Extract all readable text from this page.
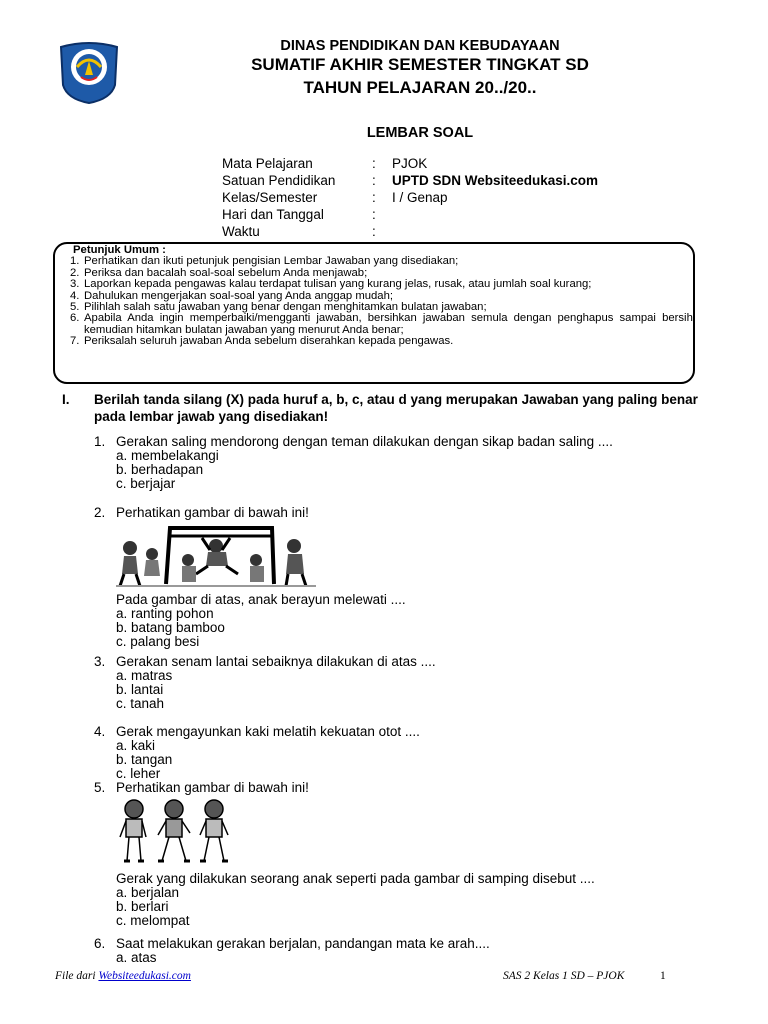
DINAS PENDIDIKAN DAN KEBUDAYAAN
SUMATIF AKHIR SEMESTER TINGKAT SD
TAHUN PELAJARAN 20../20..
LEMBAR SOAL
Mata Pelajaran	:	PJOK
Satuan Pendidikan	:	UPTD SDN Websiteedukasi.com
Kelas/Semester	:	I / Genap
Hari dan Tanggal	:
Waktu	:
Petunjuk Umum :
1. Perhatikan dan ikuti petunjuk pengisian Lembar Jawaban yang disediakan;
2. Periksa dan bacalah soal-soal sebelum Anda menjawab;
3. Laporkan kepada pengawas kalau terdapat tulisan yang kurang jelas, rusak, atau jumlah soal kurang;
4. Dahulukan mengerjakan soal-soal yang Anda anggap mudah;
5. Pilihlah salah satu jawaban yang benar dengan menghitamkan bulatan jawaban;
6. Apabila Anda ingin memperbaiki/mengganti jawaban, bersihkan jawaban semula dengan penghapus sampai bersih, kemudian hitamkan bulatan jawaban yang menurut Anda benar;
7. Periksalah seluruh jawaban Anda sebelum diserahkan kepada pengawas.
I. Berilah tanda silang (X) pada huruf a, b, c, atau d yang merupakan Jawaban yang paling benar pada lembar jawab yang disediakan!
1. Gerakan saling mendorong dengan teman dilakukan dengan sikap badan saling ....
a. membelakangi
b. berhadapan
c. berjajar
2. Perhatikan gambar di bawah ini!
Pada gambar di atas, anak berayun melewati ....
a. ranting pohon
b. batang bamboo
c. palang besi
3. Gerakan senam lantai sebaiknya dilakukan di atas ....
a. matras
b. lantai
c. tanah
4. Gerak mengayunkan kaki melatih kekuatan otot ....
a. kaki
b. tangan
c. leher
5. Perhatikan gambar di bawah ini!
Gerak yang dilakukan seorang anak seperti pada gambar di samping disebut ....
a. berjalan
b. berlari
c. melompat
6. Saat melakukan gerakan berjalan, pandangan mata ke arah....
a. atas
File dari Websiteedukasi.com	SAS 2 Kelas 1 SD – PJOK	1
